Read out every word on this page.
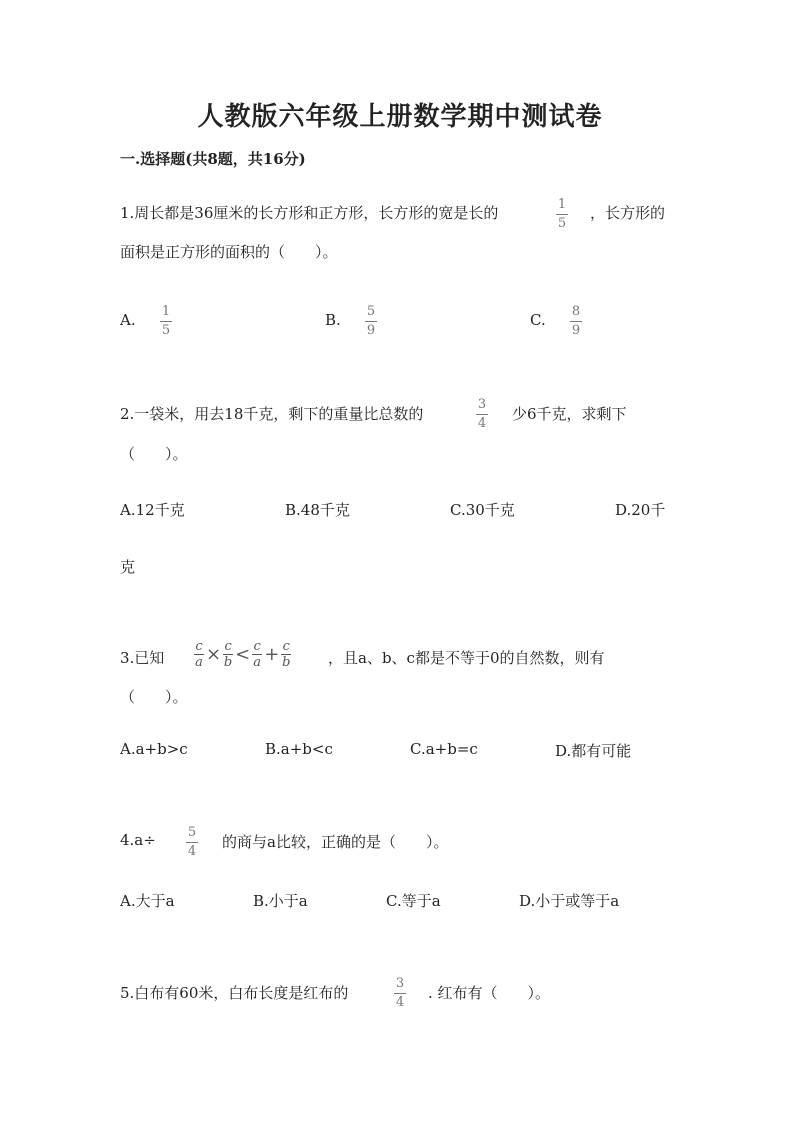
人教版六年级上册数学期中测试卷
一.选择题(共8题，共16分)
1.周长都是36厘米的长方形和正方形，长方形的宽是长的	1
5
，长方形的
面积是正方形的面积的（　　）。
A. 1
5
B. 5
9
C. 8
9
2.一袋米，用去18千克，剩下的重量比总数的
3
4
少6千克，求剩下
（　　）。
A.12千克	B.48千克	C.30千克	D.20千
克
3.已知
c
a × c
b < c
a + c
b	，且a、b、c都是不等于0的自然数，则有
（　　）。
A.a+b>c	B.a+b<c	C.a+b=c	D.都有可能
4.a÷ 5
4
的商与a比较，正确的是（　　）。
A.大于a	B.小于a	C.等于a	D.小于或等于a
5.白布有60米，白布长度是红布的
3
4
. 红布有（　　）。
